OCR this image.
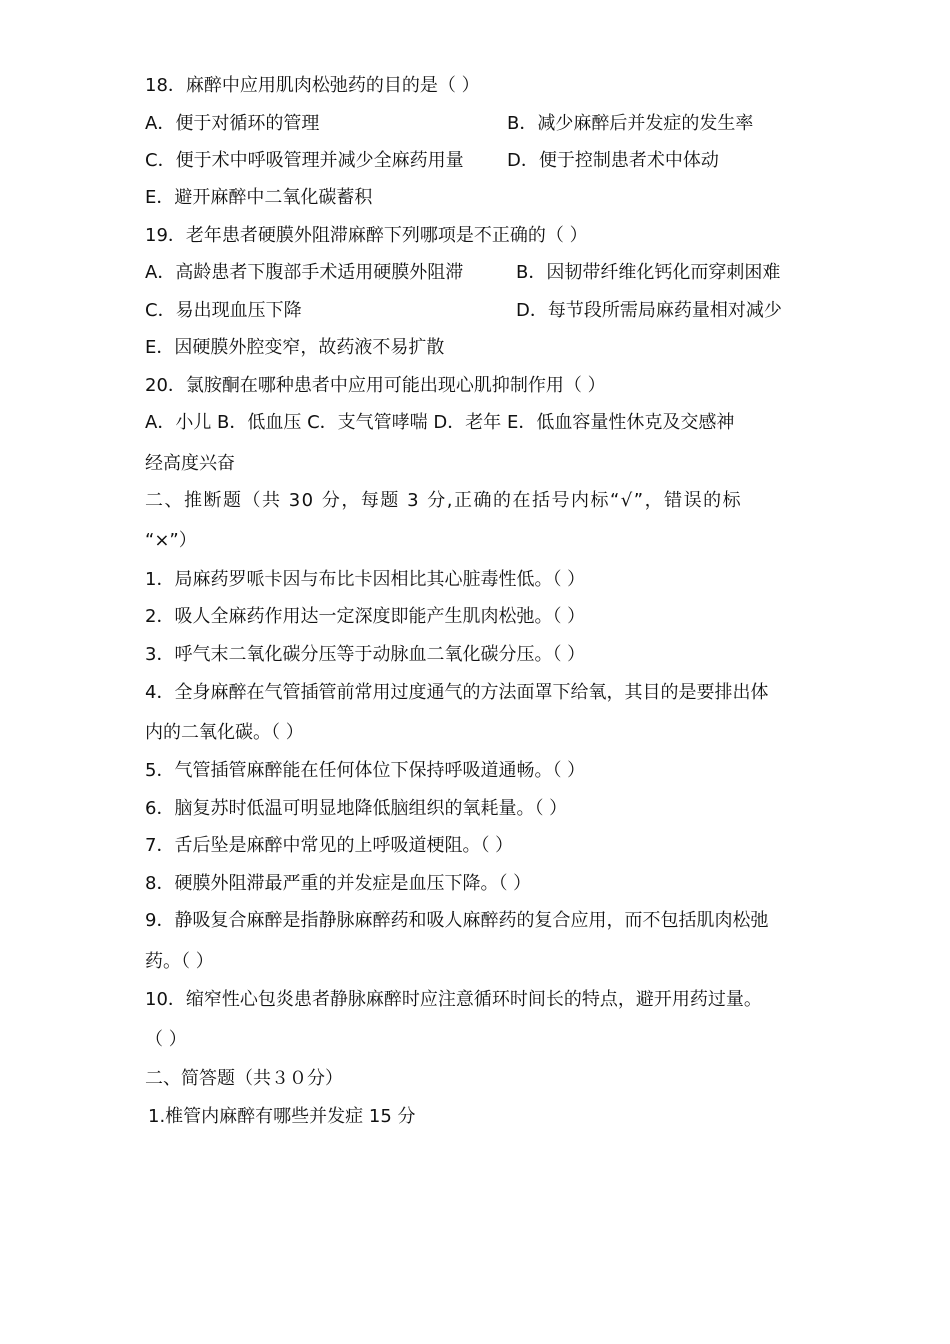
18．麻醉中应用肌肉松弛药的目的是（ ）
A．便于对循环的管理	B．减少麻醉后并发症的发生率
C．便于术中呼吸管理并减少全麻药用量 D．便于控制患者术中体动
E．避开麻醉中二氧化碳蓄积
19．老年患者硬膜外阻滞麻醉下列哪项是不正确的（ ）
A．高龄患者下腹部手术适用硬膜外阻滞	B．因韧带纤维化钙化而穿刺困难
C．易出现血压下降	D．每节段所需局麻药量相对减少
E．因硬膜外腔变窄，故药液不易扩散
20．氯胺酮在哪种患者中应用可能出现心肌抑制作用（ ）
A．小儿 B．低血压 C．支气管哮喘 D．老年 E．低血容量性休克及交感神
经高度兴奋
二、推断题（共 30 分，每题 3 分,正确的在括号内标“√”，错误的标
“×”）
1．局麻药罗哌卡因与布比卡因相比其心脏毒性低。（ ）
2．吸人全麻药作用达一定深度即能产生肌肉松弛。（ ）
3．呼气末二氧化碳分压等于动脉血二氧化碳分压。（ ）
4．全身麻醉在气管插管前常用过度通气的方法面罩下给氧，其目的是要排出体
内的二氧化碳。（ ）
5．气管插管麻醉能在任何体位下保持呼吸道通畅。（ ）
6．脑复苏时低温可明显地降低脑组织的氧耗量。（ ）
7．舌后坠是麻醉中常见的上呼吸道梗阻。（ ）
8．硬膜外阻滞最严重的并发症是血压下降。（ ）
9．静吸复合麻醉是指静脉麻醉药和吸人麻醉药的复合应用，而不包括肌肉松弛
药。（ ）
10．缩窄性心包炎患者静脉麻醉时应注意循环时间长的特点，避开用药过量。
（ ）
二、简答题（共３０分）
1.椎管内麻醉有哪些并发症 15 分
